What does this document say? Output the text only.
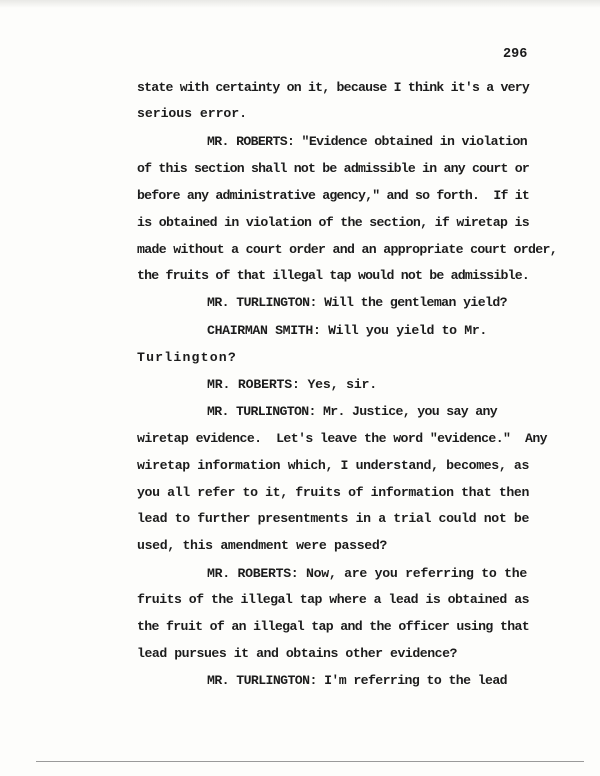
296

state with certainty on it, because I think it's a very

serious error.

MR. ROBERTS: "Evidence obtained in violation

of this section shall not be admissible in any court or

before any administrative agency," and so forth.  If it

is obtained in violation of the section, if wiretap is

made without a court order and an appropriate court order,

the fruits of that illegal tap would not be admissible.

MR. TURLINGTON: Will the gentleman yield?

CHAIRMAN SMITH: Will you yield to Mr.

Turlington?

MR. ROBERTS: Yes, sir.

MR. TURLINGTON: Mr. Justice, you say any

wiretap evidence.  Let's leave the word "evidence."  Any

wiretap information which, I understand, becomes, as

you all refer to it, fruits of information that then

lead to further presentments in a trial could not be

used, this amendment were passed?

MR. ROBERTS: Now, are you referring to the

fruits of the illegal tap where a lead is obtained as

the fruit of an illegal tap and the officer using that

lead pursues it and obtains other evidence?

MR. TURLINGTON: I'm referring to the lead
